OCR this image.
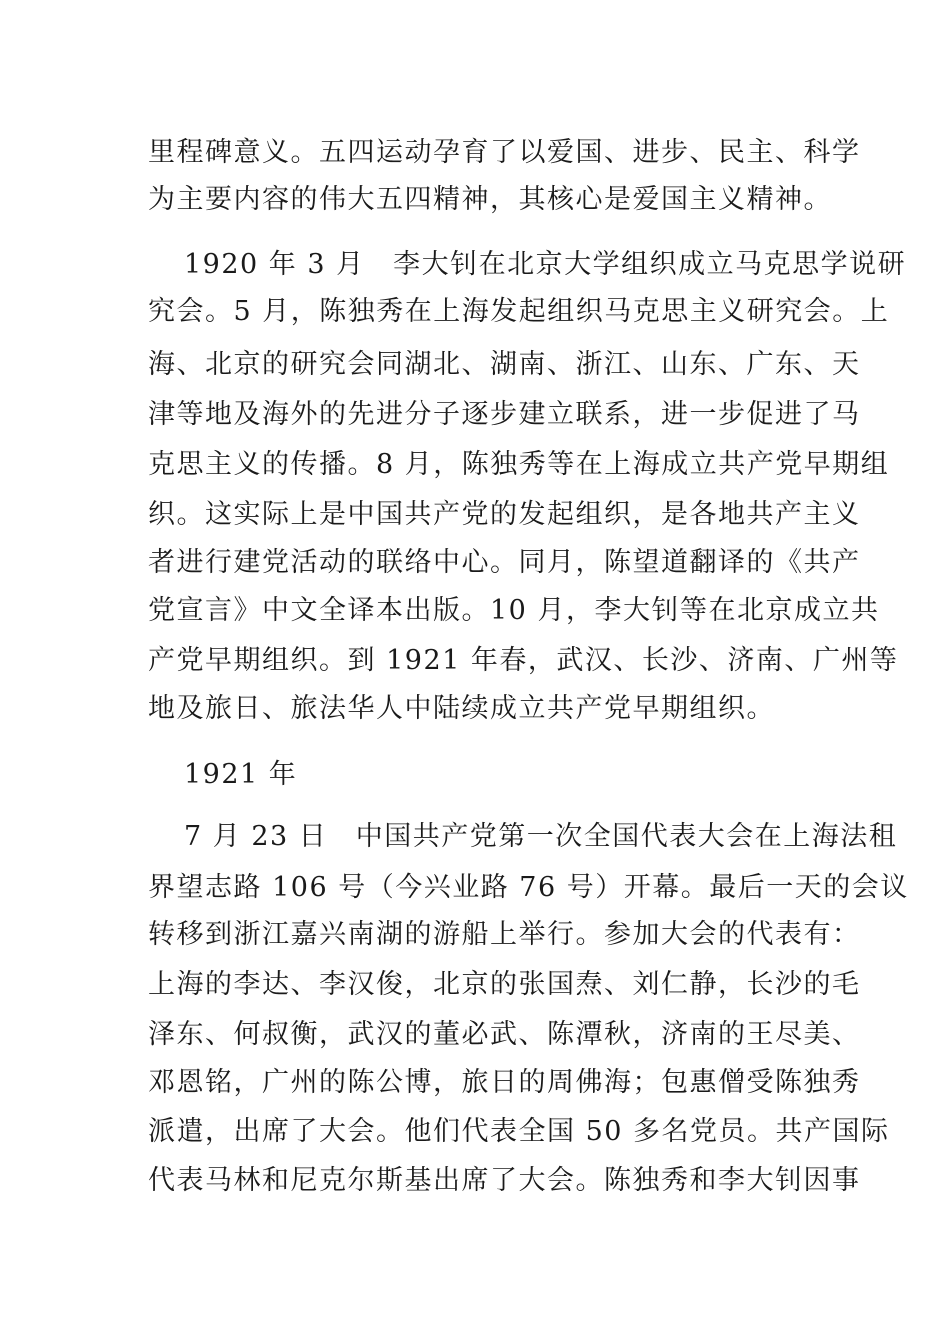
里程碑意义。五四运动孕育了以爱国、进步、民主、科学
为主要内容的伟大五四精神，其核心是爱国主义精神。
1920 年 3 月　李大钊在北京大学组织成立马克思学说研
究会。5 月，陈独秀在上海发起组织马克思主义研究会。上
海、北京的研究会同湖北、湖南、浙江、山东、广东、天
津等地及海外的先进分子逐步建立联系，进一步促进了马
克思主义的传播。8 月，陈独秀等在上海成立共产党早期组
织。这实际上是中国共产党的发起组织，是各地共产主义
者进行建党活动的联络中心。同月，陈望道翻译的《共产
党宣言》中文全译本出版。10 月，李大钊等在北京成立共
产党早期组织。到 1921 年春，武汉、长沙、济南、广州等
地及旅日、旅法华人中陆续成立共产党早期组织。
1921 年
7 月 23 日　中国共产党第一次全国代表大会在上海法租
界望志路 106 号（今兴业路 76 号）开幕。最后一天的会议
转移到浙江嘉兴南湖的游船上举行。参加大会的代表有：
上海的李达、李汉俊，北京的张国焘、刘仁静，长沙的毛
泽东、何叔衡，武汉的董必武、陈潭秋，济南的王尽美、
邓恩铭，广州的陈公博，旅日的周佛海；包惠僧受陈独秀
派遣，出席了大会。他们代表全国 50 多名党员。共产国际
代表马林和尼克尔斯基出席了大会。陈独秀和李大钊因事
